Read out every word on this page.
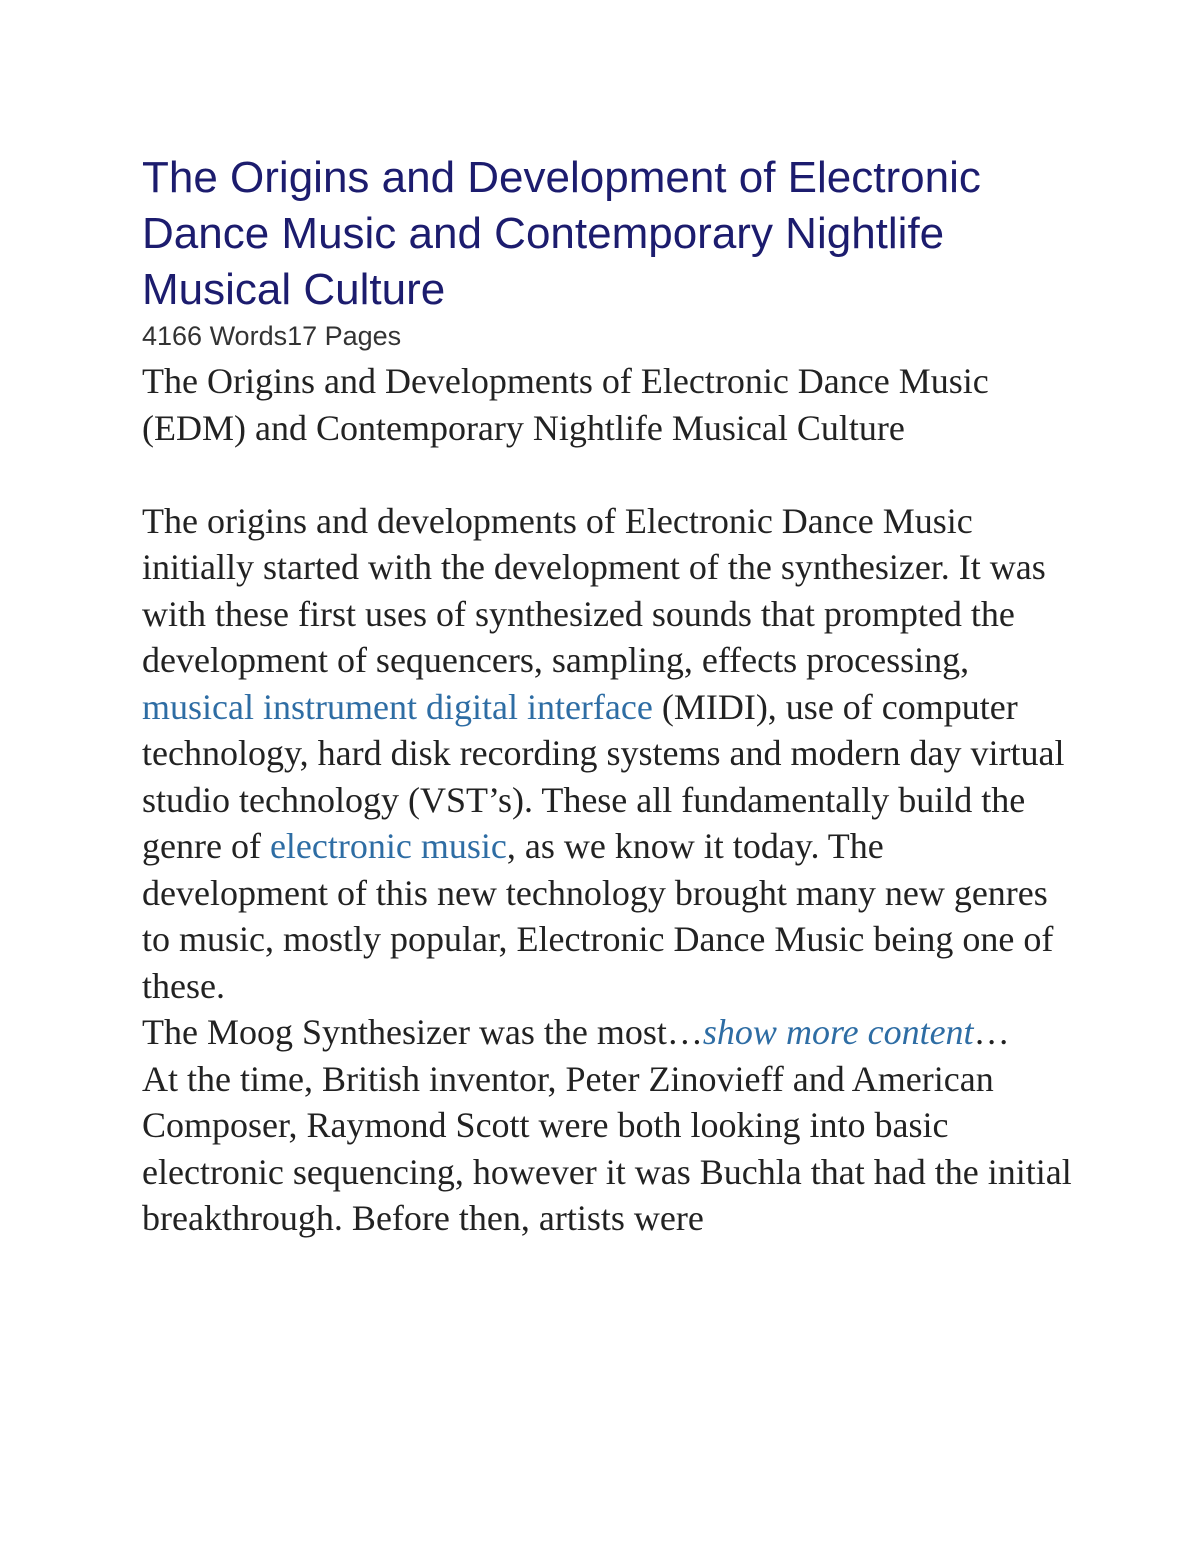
The Origins and Development of Electronic Dance Music and Contemporary Nightlife Musical Culture

4166 Words17 Pages

The Origins and Developments of Electronic Dance Music (EDM) and Contemporary Nightlife Musical Culture

The origins and developments of Electronic Dance Music initially started with the development of the synthesizer. It was with these first uses of synthesized sounds that prompted the development of sequencers, sampling, effects processing, musical instrument digital interface (MIDI), use of computer technology, hard disk recording systems and modern day virtual studio technology (VST’s). These all fundamentally build the genre of electronic music, as we know it today. The development of this new technology brought many new genres to music, mostly popular, Electronic Dance Music being one of these.

The Moog Synthesizer was the most…show more content…

At the time, British inventor, Peter Zinovieff and American Composer, Raymond Scott were both looking into basic electronic sequencing, however it was Buchla that had the initial breakthrough. Before then, artists were
